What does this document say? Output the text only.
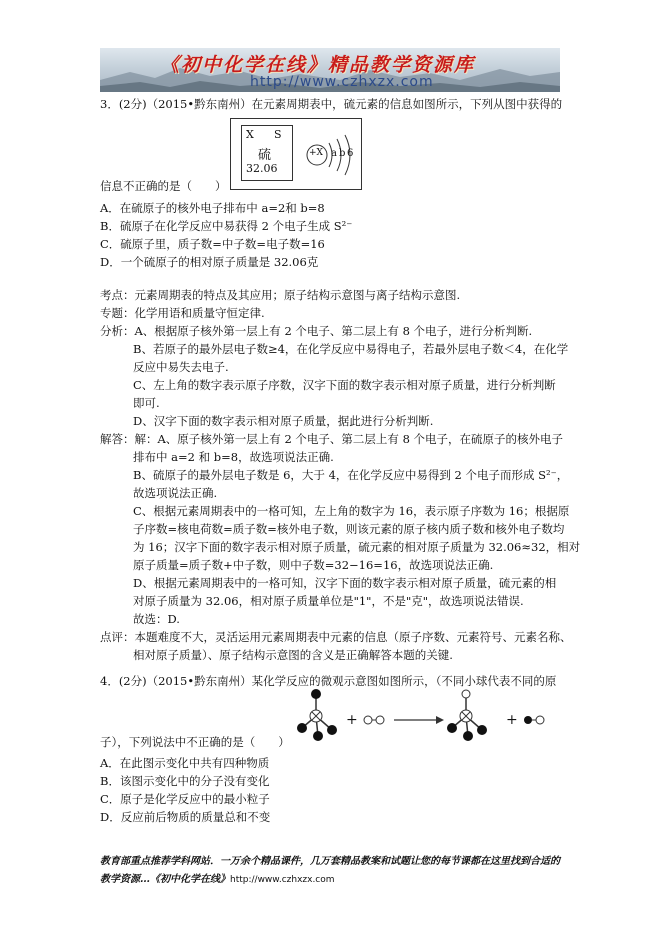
《初中化学在线》精品教学资源库
http://www.czhxzx.com
3．(2分)（2015•黔东南州）在元素周期表中，硫元素的信息如图所示，下列从图中获得的
X S
硫
32.06
+X a b 6
信息不正确的是（　　）
A．在硫原子的核外电子排布中 a=2和 b=8
B．硫原子在化学反应中易获得 2 个电子生成 S²⁻
C．硫原子里，质子数=中子数=电子数=16
D．一个硫原子的相对原子质量是 32.06克
考点：元素周期表的特点及其应用；原子结构示意图与离子结构示意图.
专题：化学用语和质量守恒定律.
分析：A、根据原子核外第一层上有 2 个电子、第二层上有 8 个电子，进行分析判断.
B、若原子的最外层电子数≥4，在化学反应中易得电子，若最外层电子数＜4，在化学
反应中易失去电子.
C、左上角的数字表示原子序数，汉字下面的数字表示相对原子质量，进行分析判断
即可.
D、汉字下面的数字表示相对原子质量，据此进行分析判断.
解答：解：A、原子核外第一层上有 2 个电子、第二层上有 8 个电子，在硫原子的核外电子
排布中 a=2 和 b=8，故选项说法正确.
B、硫原子的最外层电子数是 6，大于 4，在化学反应中易得到 2 个电子而形成 S²⁻，
故选项说法正确.
C、根据元素周期表中的一格可知，左上角的数字为 16，表示原子序数为 16；根据原
子序数=核电荷数=质子数=核外电子数，则该元素的原子核内质子数和核外电子数均
为 16；汉字下面的数字表示相对原子质量，硫元素的相对原子质量为 32.06≈32，相对
原子质量=质子数+中子数，则中子数=32−16=16，故选项说法正确.
D、根据元素周期表中的一格可知，汉字下面的数字表示相对原子质量，硫元素的相
对原子质量为 32.06，相对原子质量单位是"1"，不是"克"，故选项说法错误.
故选：D.
点评：本题难度不大，灵活运用元素周期表中元素的信息（原子序数、元素符号、元素名称、
相对原子质量）、原子结构示意图的含义是正确解答本题的关键.
4．(2分)（2015•黔东南州）某化学反应的微观示意图如图所示，（不同小球代表不同的原
+	+
子），下列说法中不正确的是（　　）
A．在此图示变化中共有四种物质
B．该图示变化中的分子没有变化
C．原子是化学反应中的最小粒子
D．反应前后物质的质量总和不变
教育部重点推荐学科网站．一万余个精品课件，几万套精品教案和试题让您的每节课都在这里找到合适的
教学资源…《初中化学在线》http://www.czhxzx.com
